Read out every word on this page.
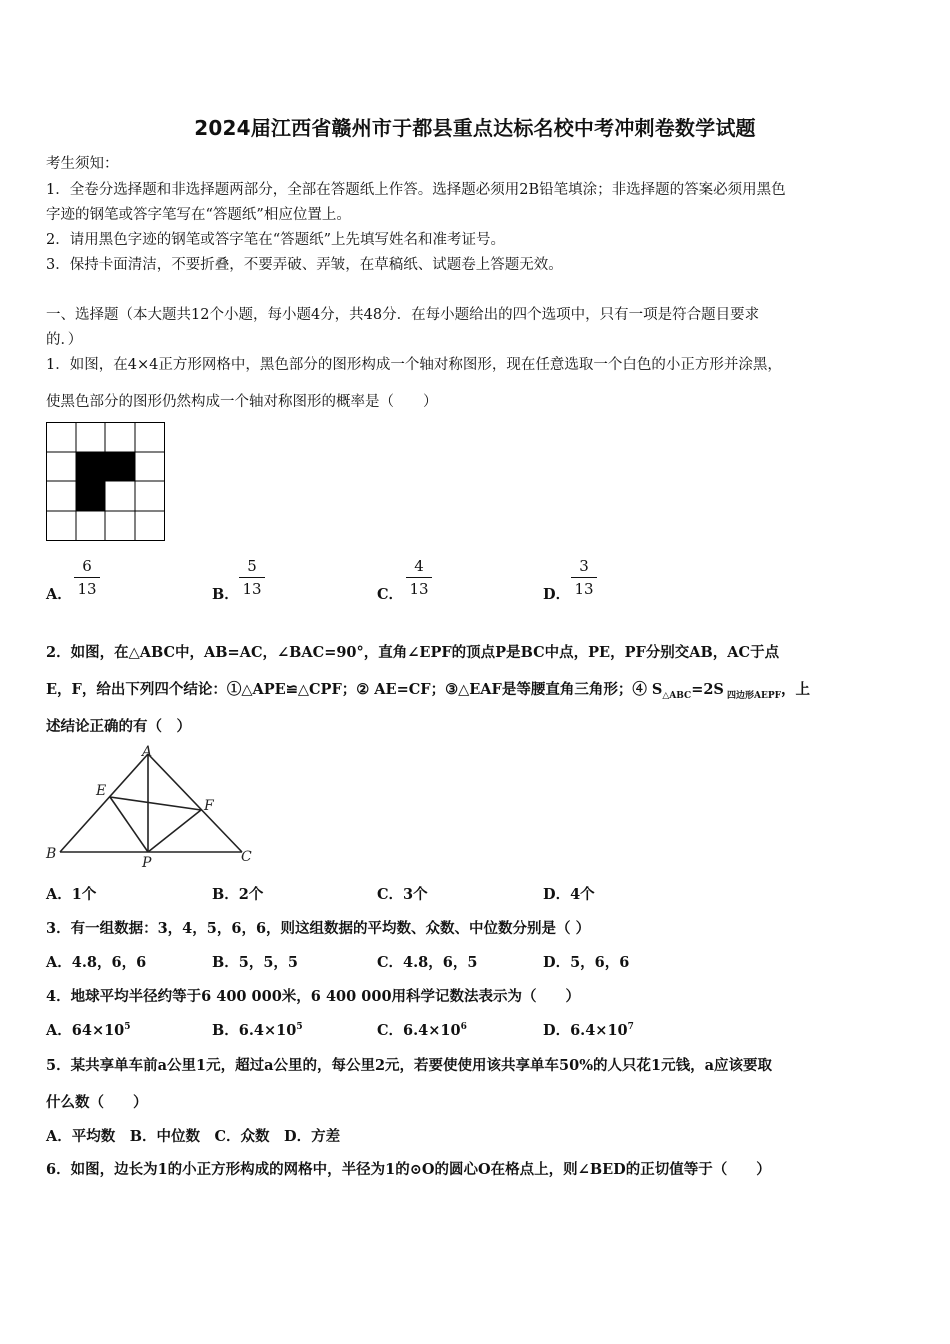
2024届江西省赣州市于都县重点达标名校中考冲刺卷数学试题
考生须知：
1．全卷分选择题和非选择题两部分，全部在答题纸上作答。选择题必须用2B铅笔填涂；非选择题的答案必须用黑色
字迹的钢笔或答字笔写在“答题纸”相应位置上。
2．请用黑色字迹的钢笔或答字笔在“答题纸”上先填写姓名和准考证号。
3．保持卡面清洁，不要折叠，不要弄破、弄皱，在草稿纸、试题卷上答题无效。
一、选择题（本大题共12个小题，每小题4分，共48分．在每小题给出的四个选项中，只有一项是符合题目要求
的．）
1．如图，在4×4正方形网格中，黑色部分的图形构成一个轴对称图形，现在任意选取一个白色的小正方形并涂黑，
使黑色部分的图形仍然构成一个轴对称图形的概率是（　　）
A．
6
13	B．
5
13	C．
4
13	D．
3
13
2．如图，在△ABC中，AB=AC，∠BAC=90°，直角∠EPF的顶点P是BC中点，PE，PF分别交AB，AC于点
E，F，给出下列四个结论：①△APE≌△CPF；② AE=CF；③△EAF是等腰直角三角形；④ $S_{\triangle ABC}=2S$ $_{四边形AEPF}$，上
述结论正确的有（　）
A
B	C
E
F
P
A．1个	B．2个	C．3个	D．4个
3．有一组数据：3，4，5，6，6，则这组数据的平均数、众数、中位数分别是（ ）
A．4.8，6，6	B．5，5，5	C．4.8，6，5	D．5，6，6
4．地球平均半径约等于6 400 000米，6 400 000用科学记数法表示为（　　）
A．$64\times 10^5$	B．$6.4\times 10^5$	C．$6.4\times 10^6$	D．$6.4\times 10^7$
5．某共享单车前a公里1元，超过a公里的，每公里2元，若要使使用该共享单车50%的人只花1元钱，a应该要取
什么数（　　）
A．平均数　B．中位数　C．众数　D．方差
6．如图，边长为1的小正方形构成的网格中，半径为1的⊙O的圆心O在格点上，则∠BED的正切值等于（　　）
